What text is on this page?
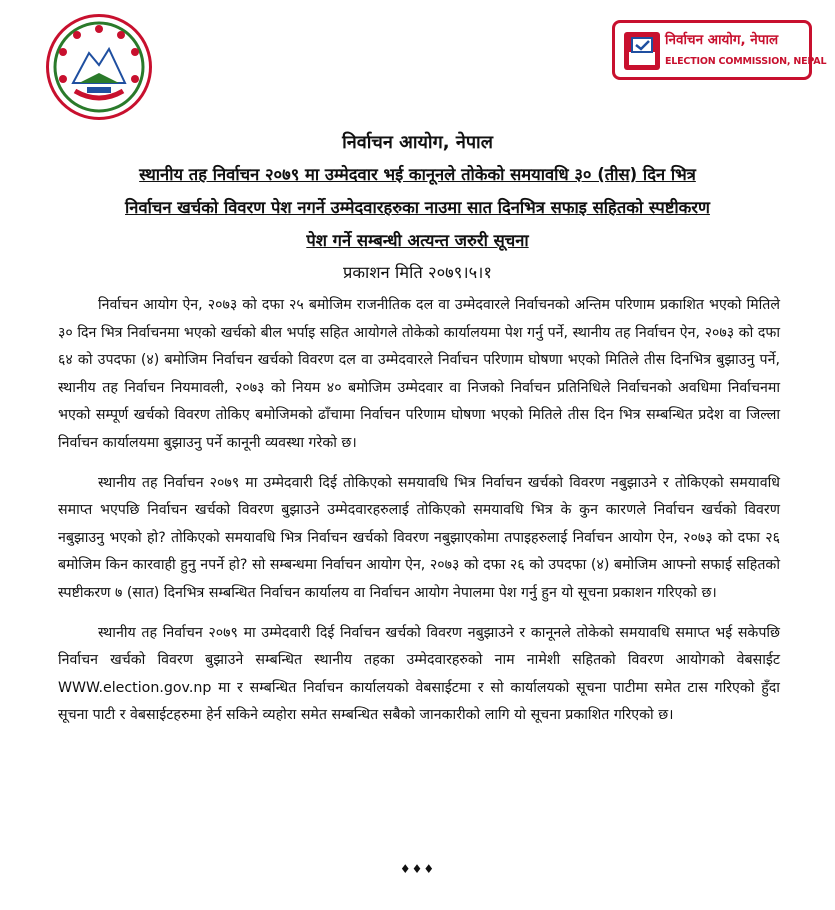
निर्वाचन आयोग, नेपाल
ELECTION COMMISSION, NEPAL
निर्वाचन आयोग, नेपाल
स्थानीय तह निर्वाचन २०७९ मा उम्मेदवार भई कानूनले तोकेको समयावधि ३० (तीस) दिन भित्र
निर्वाचन खर्चको विवरण पेश नगर्ने उम्मेदवारहरुका नाउमा सात दिनभित्र सफाइ सहितको स्पष्टीकरण
पेश गर्ने सम्बन्धी अत्यन्त जरुरी सूचना
प्रकाशन मिति २०७९।५।१

निर्वाचन आयोग ऐन, २०७३ को दफा २५ बमोजिम राजनीतिक दल वा उम्मेदवारले निर्वाचनको अन्तिम परिणाम प्रकाशित भएको मितिले ३० दिन भित्र निर्वाचनमा भएको खर्चको बील भर्पाइ सहित आयोगले तोकेको कार्यालयमा पेश गर्नु पर्ने, स्थानीय तह निर्वाचन ऐन, २०७३ को दफा ६४ को उपदफा (४) बमोजिम निर्वाचन खर्चको विवरण दल वा उम्मेदवारले निर्वाचन परिणाम घोषणा भएको मितिले तीस दिनभित्र बुझाउनु पर्ने, स्थानीय तह निर्वाचन नियमावली, २०७३ को नियम ४० बमोजिम उम्मेदवार वा निजको निर्वाचन प्रतिनिधिले निर्वाचनको अवधिमा निर्वाचनमा भएको सम्पूर्ण खर्चको विवरण तोकिए बमोजिमको ढाँचामा निर्वाचन परिणाम घोषणा भएको मितिले तीस दिन भित्र सम्बन्धित प्रदेश वा जिल्ला निर्वाचन कार्यालयमा बुझाउनु पर्ने कानूनी व्यवस्था गरेको छ।

स्थानीय तह निर्वाचन २०७९ मा उम्मेदवारी दिई तोकिएको समयावधि भित्र निर्वाचन खर्चको विवरण नबुझाउने र तोकिएको समयावधि समाप्त भएपछि निर्वाचन खर्चको विवरण बुझाउने उम्मेदवारहरुलाई तोकिएको समयावधि भित्र के कुन कारणले निर्वाचन खर्चको विवरण नबुझाउनु भएको हो? तोकिएको समयावधि भित्र निर्वाचन खर्चको विवरण नबुझाएकोमा तपाइहरुलाई निर्वाचन आयोग ऐन, २०७३ को दफा २६ बमोजिम किन कारवाही हुनु नपर्ने हो? सो सम्बन्धमा निर्वाचन आयोग ऐन, २०७३ को दफा २६ को उपदफा (४) बमोजिम आफ्नो सफाई सहितको स्पष्टीकरण ७ (सात) दिनभित्र सम्बन्धित निर्वाचन कार्यालय वा निर्वाचन आयोग नेपालमा पेश गर्नु हुन यो सूचना प्रकाशन गरिएको छ।

स्थानीय तह निर्वाचन २०७९ मा उम्मेदवारी दिई निर्वाचन खर्चको विवरण नबुझाउने र कानूनले तोकेको समयावधि समाप्त भई सकेपछि निर्वाचन खर्चको विवरण बुझाउने सम्बन्धित स्थानीय तहका उम्मेदवारहरुको नाम नामेशी सहितको विवरण आयोगको वेबसाईट WWW.election.gov.np मा र सम्बन्धित निर्वाचन कार्यालयको वेबसाईटमा र सो कार्यालयको सूचना पाटीमा समेत टास गरिएको हुँदा सूचना पाटी र वेबसाईटहरुमा हेर्न सकिने व्यहोरा समेत सम्बन्धित सबैको जानकारीको लागि यो सूचना प्रकाशित गरिएको छ।

♦♦♦
